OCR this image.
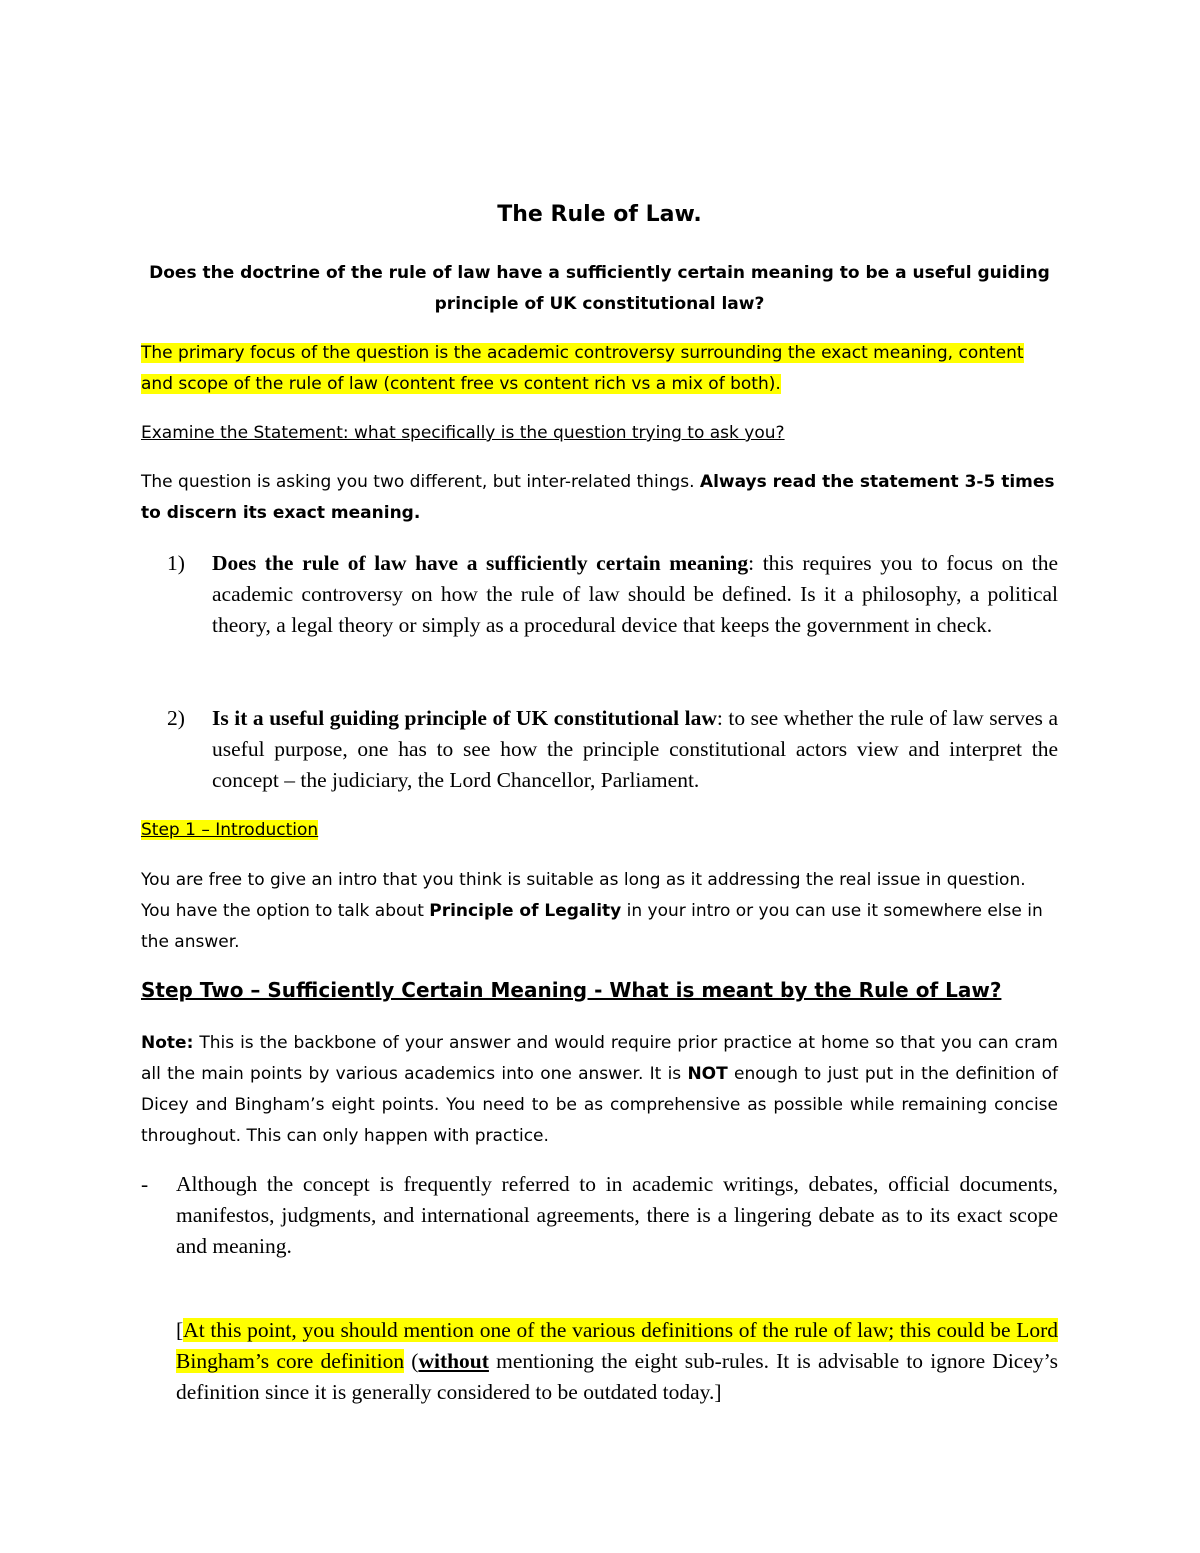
The Rule of Law.

Does the doctrine of the rule of law have a sufficiently certain meaning to be a useful guiding principle of UK constitutional law?

The primary focus of the question is the academic controversy surrounding the exact meaning, content and scope of the rule of law (content free vs content rich vs a mix of both).

Examine the Statement: what specifically is the question trying to ask you?

The question is asking you two different, but inter-related things. Always read the statement 3-5 times to discern its exact meaning.

1) Does the rule of law have a sufficiently certain meaning: this requires you to focus on the academic controversy on how the rule of law should be defined. Is it a philosophy, a political theory, a legal theory or simply as a procedural device that keeps the government in check.
2) Is it a useful guiding principle of UK constitutional law: to see whether the rule of law serves a useful purpose, one has to see how the principle constitutional actors view and interpret the concept – the judiciary, the Lord Chancellor, Parliament.

Step 1 – Introduction

You are free to give an intro that you think is suitable as long as it addressing the real issue in question. You have the option to talk about Principle of Legality in your intro or you can use it somewhere else in the answer.

Step Two – Sufficiently Certain Meaning - What is meant by the Rule of Law?

Note: This is the backbone of your answer and would require prior practice at home so that you can cram all the main points by various academics into one answer. It is NOT enough to just put in the definition of Dicey and Bingham’s eight points. You need to be as comprehensive as possible while remaining concise throughout. This can only happen with practice.

- Although the concept is frequently referred to in academic writings, debates, official documents, manifestos, judgments, and international agreements, there is a lingering debate as to its exact scope and meaning.

[At this point, you should mention one of the various definitions of the rule of law; this could be Lord Bingham’s core definition (without mentioning the eight sub-rules. It is advisable to ignore Dicey’s definition since it is generally considered to be outdated today.]
